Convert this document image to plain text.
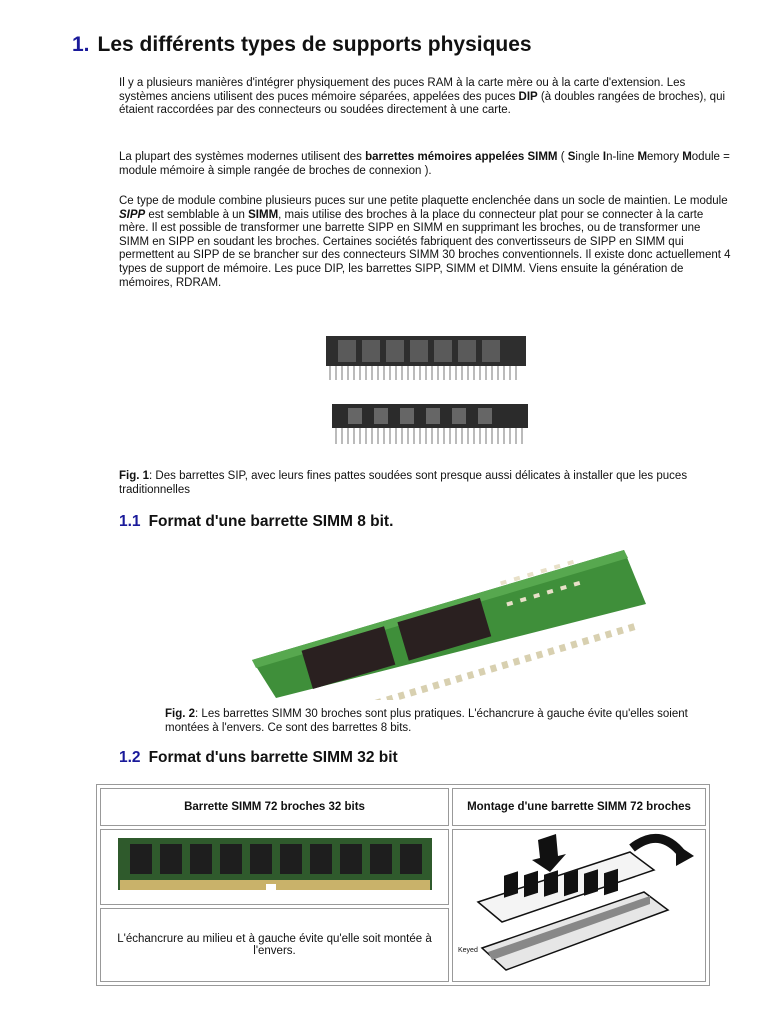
1. Les différents types de supports physiques

Il y a plusieurs manières d'intégrer physiquement des puces RAM à la carte mère ou à la carte d'extension. Les systèmes anciens utilisent des puces mémoire séparées, appelées des puces DIP (à doubles rangées de broches), qui étaient raccordées par des connecteurs ou soudées directement à une carte.

La plupart des systèmes modernes utilisent des barrettes mémoires appelées SIMM ( Single In-line Memory Module = module mémoire à simple rangée de broches de connexion ).

Ce type de module combine plusieurs puces sur une petite plaquette enclenchée dans un socle de maintien. Le module SIPP est semblable à un SIMM, mais utilise des broches à la place du connecteur plat pour se connecter à la carte mère. Il est possible de transformer une barrette SIPP en SIMM en supprimant les broches, ou de transformer une SIMM en SIPP en soudant les broches. Certaines sociétés fabriquent des convertisseurs de SIPP en SIMM qui permettent au SIPP de se brancher sur des connecteurs SIMM 30 broches conventionnels. Il existe donc actuellement 4 types de support de mémoire. Les puce DIP, les barrettes SIPP, SIMM et DIMM. Viens ensuite la génération de mémoires, RDRAM.

Fig. 1: Des barrettes SIP, avec leurs fines pattes soudées sont presque aussi délicates à installer que les puces traditionnelles

1.1 Format d'une barrette SIMM 8 bit.

Fig. 2: Les barrettes SIMM 30 broches sont plus pratiques. L'échancrure à gauche évite qu'elles soient montées à l'envers. Ce sont des barrettes 8 bits.

1.2 Format d'uns barrette SIMM 32 bit
Barrette SIMM 72 broches 32 bits	Montage d'une barrette SIMM 72 broches

Keyed

L'échancrure au milieu et à gauche évite qu'elle soit montée à l'envers.	
